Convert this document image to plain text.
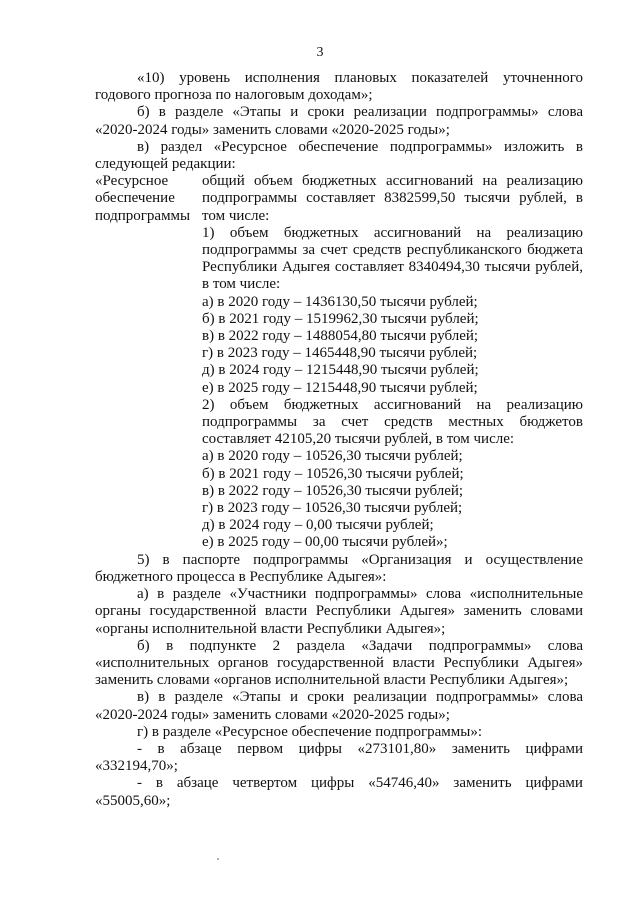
3

«10) уровень исполнения плановых показателей уточненного годового прогноза по налоговым доходам»;

б) в разделе «Этапы и сроки реализации подпрограммы» слова «2020-2024 годы» заменить словами «2020-2025 годы»;

в) раздел «Ресурсное обеспечение подпрограммы» изложить в следующей редакции:

«Ресурсное обеспечение подпрограммы

общий объем бюджетных ассигнований на реализацию подпрограммы составляет 8382599,50 тысячи рублей, в том числе:

1) объем бюджетных ассигнований на реализацию подпрограммы за счет средств республиканского бюджета Республики Адыгея составляет 8340494,30 тысячи рублей, в том числе:

а) в 2020 году – 1436130,50 тысячи рублей;

б) в 2021 году – 1519962,30 тысячи рублей;

в) в 2022 году – 1488054,80 тысячи рублей;

г) в 2023 году – 1465448,90 тысячи рублей;

д) в 2024 году – 1215448,90 тысячи рублей;

е) в 2025 году – 1215448,90 тысячи рублей;

2) объем бюджетных ассигнований на реализацию подпрограммы за счет средств местных бюджетов составляет 42105,20 тысячи рублей, в том числе:

а) в 2020 году – 10526,30 тысячи рублей;

б) в 2021 году – 10526,30 тысячи рублей;

в) в 2022 году – 10526,30 тысячи рублей;

г) в 2023 году – 10526,30 тысячи рублей;

д) в 2024 году – 0,00 тысячи рублей;

е) в 2025 году – 00,00 тысячи рублей»;

5) в паспорте подпрограммы «Организация и осуществление бюджетного процесса в Республике Адыгея»:

а) в разделе «Участники подпрограммы» слова «исполнительные органы государственной власти Республики Адыгея» заменить словами «органы исполнительной власти Республики Адыгея»;

б) в подпункте 2 раздела «Задачи подпрограммы» слова «исполнительных органов государственной власти Республики Адыгея» заменить словами «органов исполнительной власти Республики Адыгея»;

в) в разделе «Этапы и сроки реализации подпрограммы» слова «2020-2024 годы» заменить словами «2020-2025 годы»;

г) в разделе «Ресурсное обеспечение подпрограммы»:

- в абзаце первом цифры «273101,80» заменить цифрами

«332194,70»;

- в абзаце четвертом цифры «54746,40» заменить цифрами

«55005,60»;
